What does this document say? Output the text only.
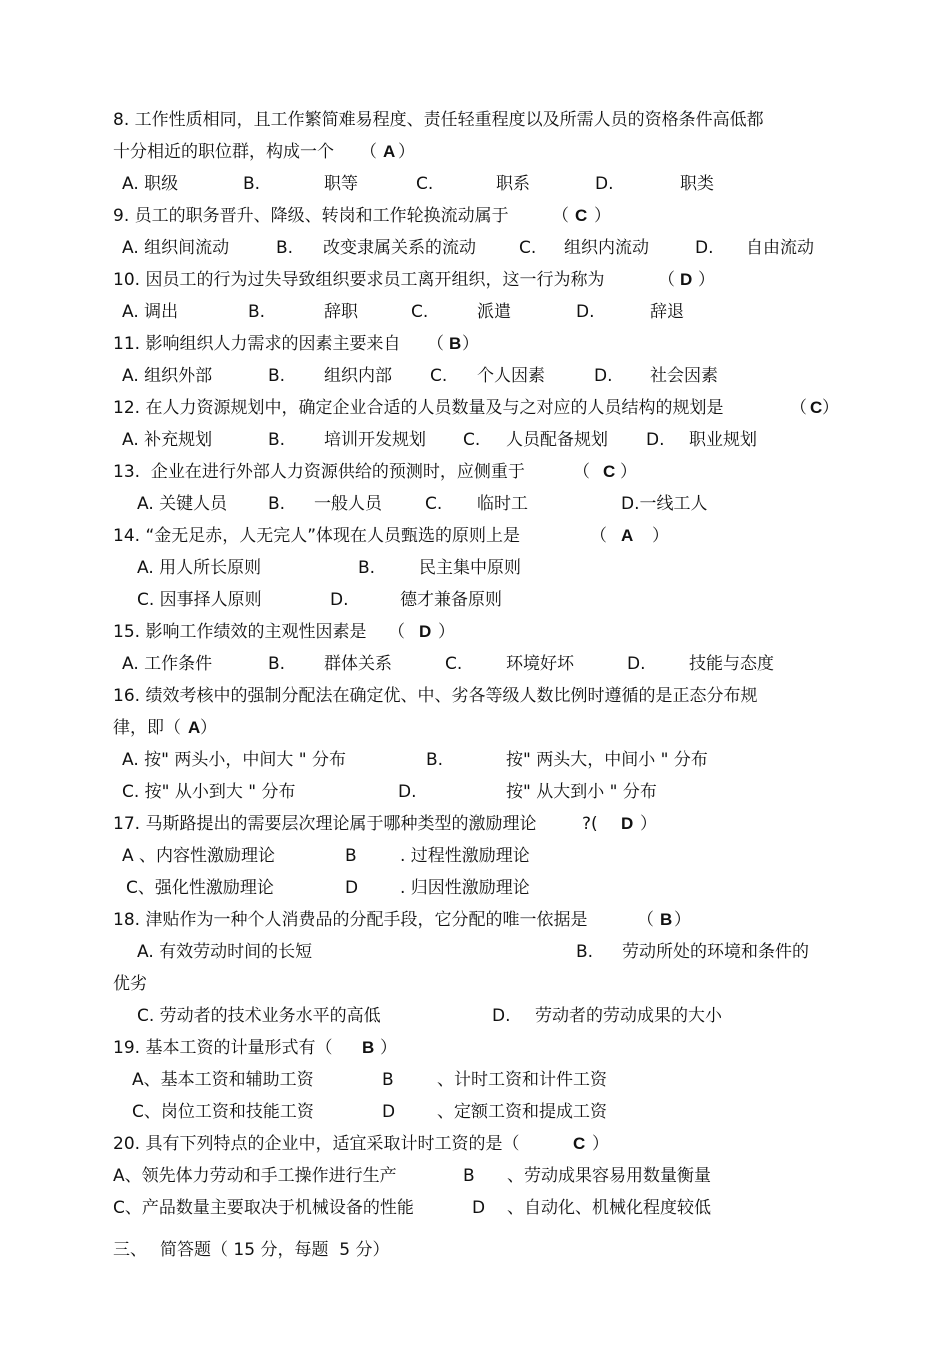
8. 工作性质相同，且工作繁简难易程度、责任轻重程度以及所需人员的资格条件高低都
十分相近的职位群，构成一个 （ A ）
A. 职级	B.	职等	C.	职系	D.	职类
9. 员工的职务晋升、降级、转岗和工作轮换流动属于	（ C ）
A. 组织间流动	B. 改变隶属关系的流动	C. 组织内流动	D. 自由流动
10. 因员工的行为过失导致组织要求员工离开组织，这一行为称为	（ D ）
A. 调出	B.	辞职	C.	派遣	D.	辞退
11. 影响组织人力需求的因素主要来自 （ B ）
A. 组织外部	B. 组织内部 C. 个人因素	D. 社会因素
12. 在人力资源规划中，确定企业合适的人员数量及与之对应的人员结构的规划是	（ C ）
A. 补充规划	B. 培训开发规划 C. 人员配备规划 D. 职业规划
13.  企业在进行外部人力资源供给的预测时，应侧重于	（ C ）
A. 关键人员 B. 一般人员	C. 临时工	D.一线工人
14. “金无足赤，人无完人”体现在人员甄选的原则上是	（ A ）
A. 用人所长原则	B.	民主集中原则
C. 因事择人原则	D.	德才兼备原则
15. 影响工作绩效的主观性因素是 （ D ）
A. 工作条件	B. 群体关系	C.	环境好坏	D.	技能与态度
16. 绩效考核中的强制分配法在确定优、中、劣各等级人数比例时遵循的是正态分布规
律，即（ A ）
A. 按" 两头小，中间大 " 分布	B.	按" 两头大，中间小 " 分布
C. 按" 从小到大 " 分布	D.	按" 从大到小 " 分布
17. 马斯路提出的需要层次理论属于哪种类型的激励理论	?( D ）
A 、内容性激励理论	B	. 过程性激励理论
C、强化性激励理论	D . 归因性激励理论
18. 津贴作为一种个人消费品的分配手段，它分配的唯一依据是	（ B ）
A. 有效劳动时间的长短	B. 劳动所处的环境和条件的
优劣
C. 劳动者的技术业务水平的高低	D. 劳动者的劳动成果的大小
19. 基本工资的计量形式有（ B ）
A、基本工资和辅助工资	B	、计时工资和计件工资
C、岗位工资和技能工资	D 、定额工资和提成工资
20. 具有下列特点的企业中，适宜采取计时工资的是（	C ）
A、领先体力劳动和手工操作进行生产	B 、劳动成果容易用数量衡量
C、产品数量主要取决于机械设备的性能	D 、自动化、机械化程度较低
三、 简答题（ 15 分，每题  5 分）
